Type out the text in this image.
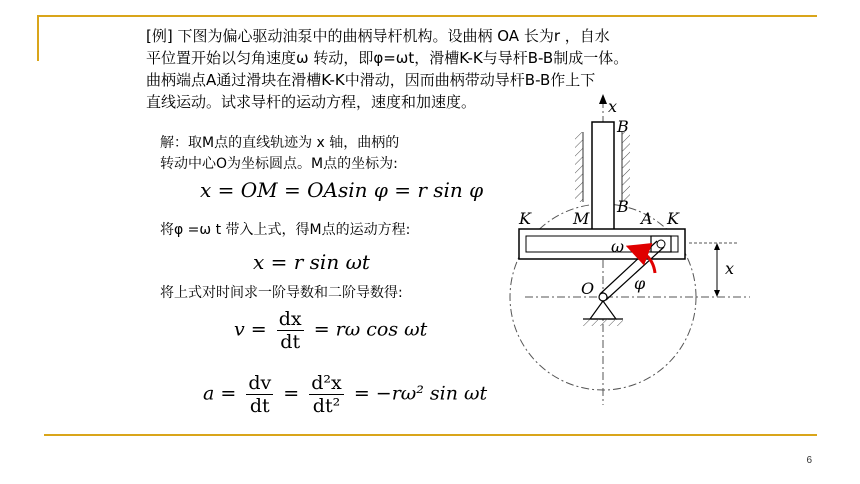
[例] 下图为偏心驱动油泵中的曲柄导杆机构。设曲柄 OA 长为r ，自水
平位置开始以匀角速度ω 转动，即φ=ωt，滑槽K-K与导杆B-B制成一体。
曲柄端点A通过滑块在滑槽K-K中滑动，因而曲柄带动导杆B-B作上下
直线运动。试求导杆的运动方程，速度和加速度。
解：取M点的直线轨迹为 x 轴，曲柄的
转动中心O为坐标圆点。M点的坐标为:
x = OM = OAsin φ = r sin φ
将φ =ω t 带入上式，得M点的运动方程:
x = r sin ωt
将上式对时间求一阶导数和二阶导数得:
$v = \frac{dx}{dt} = r\omega$ cos ωt
$a = \frac{dv}{dt} = \frac{\text{d²x}}{\text{dt²}} = -r\omega^2$ sin ωt
x
B
B
K	M	A K
ω
φ
O
x
6
